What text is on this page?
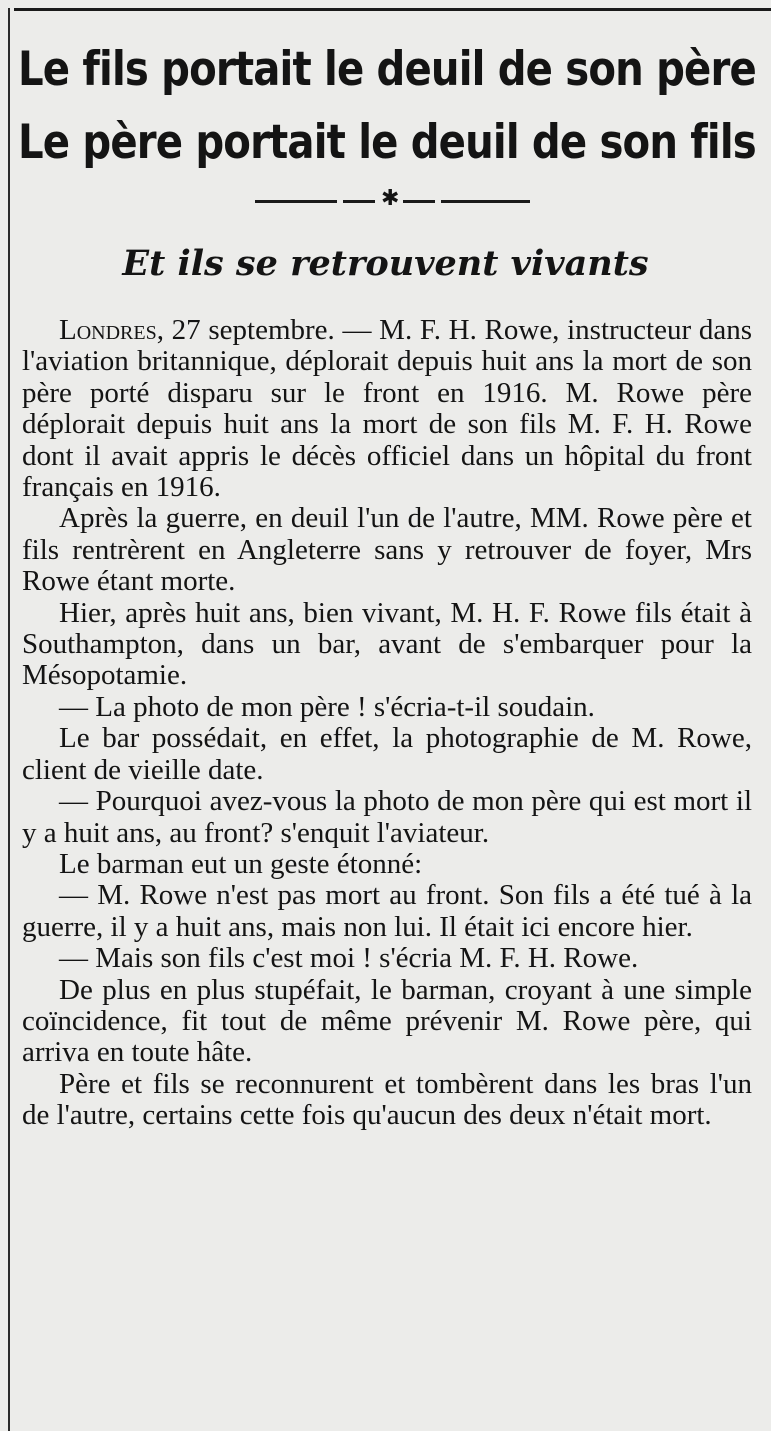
Le fils portait le deuil de son père
Le père portait le deuil de son fils
✱
Et ils se retrouvent vivants

Londres, 27 septembre. — M. F. H. Rowe, instructeur dans l'aviation britannique, déplorait depuis huit ans la mort de son père porté disparu sur le front en 1916. M. Rowe père déplorait depuis huit ans la mort de son fils M. F. H. Rowe dont il avait appris le décès officiel dans un hôpital du front français en 1916.

Après la guerre, en deuil l'un de l'autre, MM. Rowe père et fils rentrèrent en Angleterre sans y retrouver de foyer, Mrs Rowe étant morte.

Hier, après huit ans, bien vivant, M. H. F. Rowe fils était à Southampton, dans un bar, avant de s'embarquer pour la Mésopotamie.

— La photo de mon père ! s'écria-t-il soudain.

Le bar possédait, en effet, la photographie de M. Rowe, client de vieille date.

— Pourquoi avez-vous la photo de mon père qui est mort il y a huit ans, au front? s'enquit l'aviateur.

Le barman eut un geste étonné:

— M. Rowe n'est pas mort au front. Son fils a été tué à la guerre, il y a huit ans, mais non lui. Il était ici encore hier.

— Mais son fils c'est moi ! s'écria M. F. H. Rowe.

De plus en plus stupéfait, le barman, croyant à une simple coïncidence, fit tout de même prévenir M. Rowe père, qui arriva en toute hâte.

Père et fils se reconnurent et tombèrent dans les bras l'un de l'autre, certains cette fois qu'aucun des deux n'était mort.
